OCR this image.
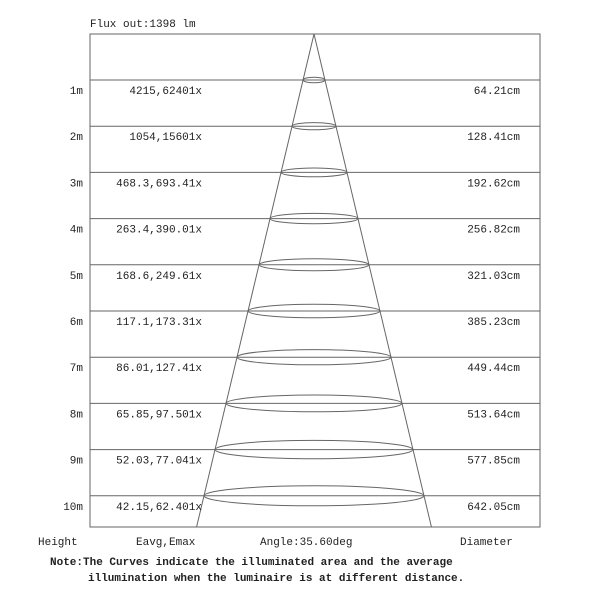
Flux out:1398 lm
1m	4215,62401x	64.21cm
2m	1054,15601x	128.41cm
3m	468.3,693.41x	192.62cm
4m	263.4,390.01x	256.82cm
5m	168.6,249.61x	321.03cm
6m	117.1,173.31x	385.23cm
7m	86.01,127.41x	449.44cm
8m	65.85,97.501x	513.64cm
9m	52.03,77.041x	577.85cm
10m	42.15,62.401x	642.05cm
Height	Eavg,Emax	Angle:35.60deg	Diameter
Note:The Curves indicate the illuminated area and the average
illumination when the luminaire is at different distance.
